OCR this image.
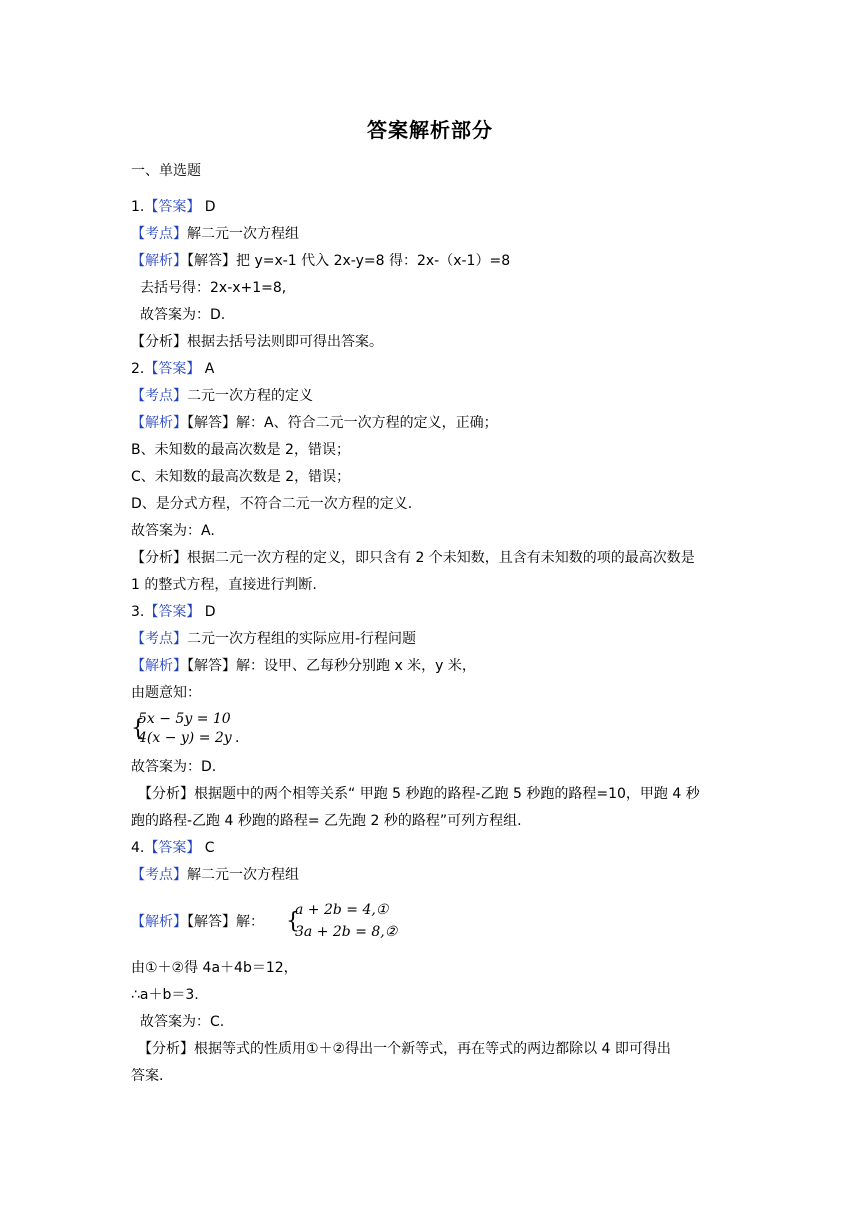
答案解析部分
一、单选题
1.【答案】 D
【考点】解二元一次方程组
【解析】【解答】把 y=x-1 代入 2x-y=8 得：2x-（x-1）=8
去括号得：2x-x+1=8,
故答案为：D.
【分析】根据去括号法则即可得出答案。
2.【答案】 A
【考点】二元一次方程的定义
【解析】【解答】解：A、符合二元一次方程的定义，正确；
B、未知数的最高次数是 2，错误；
C、未知数的最高次数是 2，错误；
D、是分式方程，不符合二元一次方程的定义.
故答案为：A.
【分析】根据二元一次方程的定义，即只含有 2 个未知数，且含有未知数的项的最高次数是
1 的整式方程，直接进行判断.
3.【答案】 D
【考点】二元一次方程组的实际应用-行程问题
【解析】【解答】解：设甲、乙每秒分别跑 x 米，y 米，
由题意知：
{
5x − 5y = 10
4(x − y) = 2y .
故答案为：D.
【分析】根据题中的两个相等关系“ 甲跑 5 秒跑的路程-乙跑 5 秒跑的路程=10，甲跑 4 秒
跑的路程-乙跑 4 秒跑的路程= 乙先跑 2 秒的路程”可列方程组.
4.【答案】 C
【考点】解二元一次方程组
【解析】【解答】解： {
a + 2b = 4,①
3a + 2b = 8,②
由①＋②得 4a＋4b＝12，
∴a＋b＝3.
故答案为：C.
【分析】根据等式的性质用①＋②得出一个新等式，再在等式的两边都除以 4 即可得出
答案.
